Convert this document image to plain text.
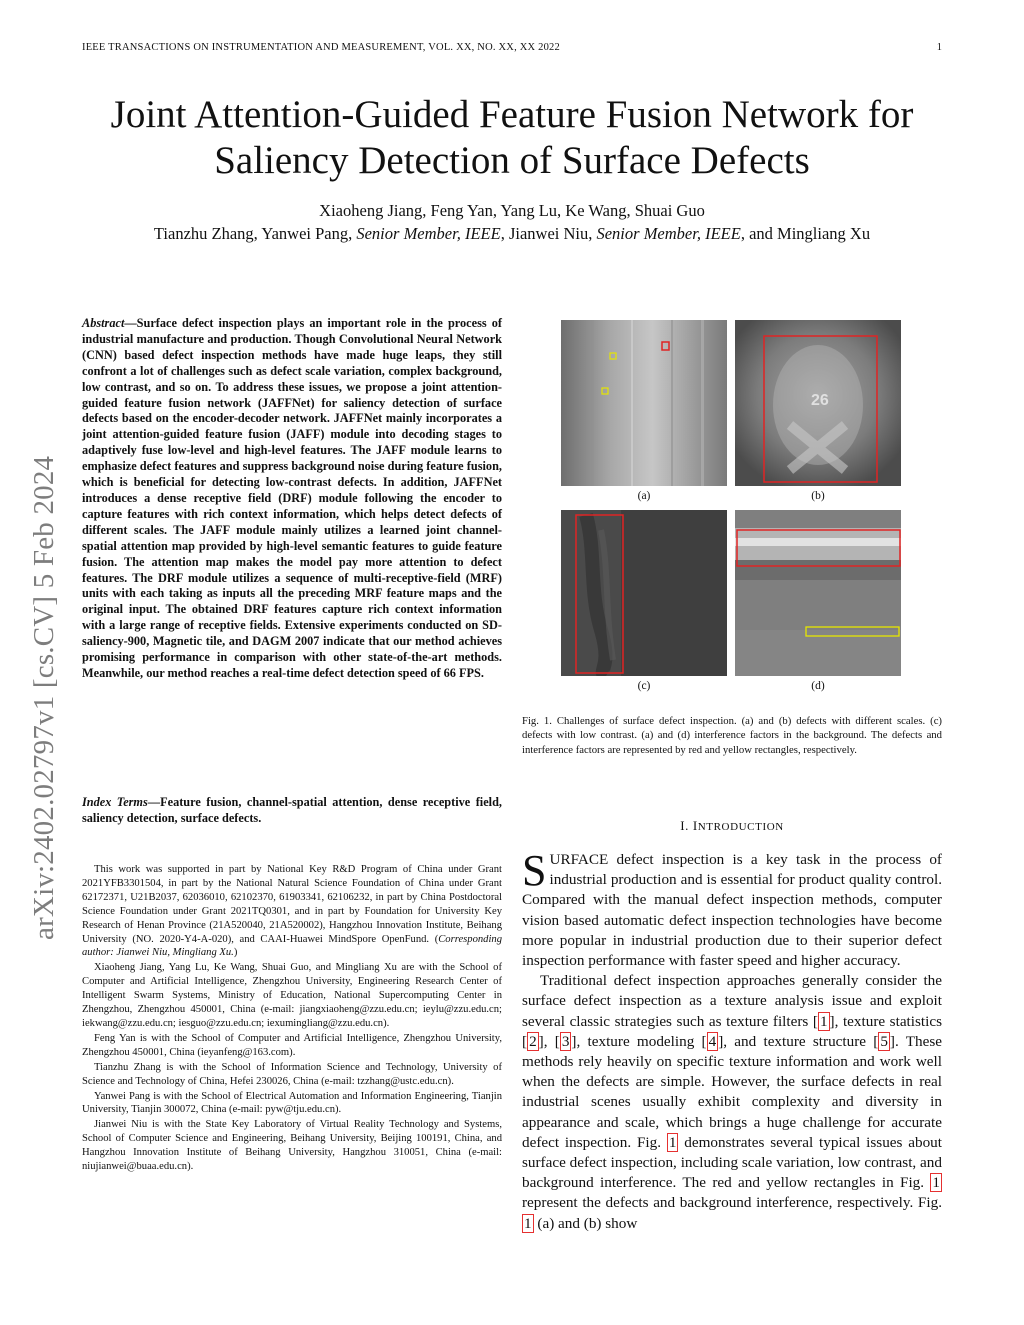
IEEE TRANSACTIONS ON INSTRUMENTATION AND MEASUREMENT, VOL. XX, NO. XX, XX 2022	1
Joint Attention-Guided Feature Fusion Network for
Saliency Detection of Surface Defects
Xiaoheng Jiang, Feng Yan, Yang Lu, Ke Wang, Shuai Guo
Tianzhu Zhang, Yanwei Pang, Senior Member, IEEE, Jianwei Niu, Senior Member, IEEE, and Mingliang Xu
arXiv:2402.02797v1 [cs.CV] 5 Feb 2024
Abstract—Surface defect inspection plays an important role in the process of industrial manufacture and production. Though Convolutional Neural Network (CNN) based defect inspection methods have made huge leaps, they still confront a lot of challenges such as defect scale variation, complex background, low contrast, and so on. To address these issues, we propose a joint attention-guided feature fusion network (JAFFNet) for saliency detection of surface defects based on the encoder-decoder network. JAFFNet mainly incorporates a joint attention-guided feature fusion (JAFF) module into decoding stages to adaptively fuse low-level and high-level features. The JAFF module learns to emphasize defect features and suppress background noise during feature fusion, which is beneficial for detecting low-contrast defects. In addition, JAFFNet introduces a dense receptive field (DRF) module following the encoder to capture features with rich context information, which helps detect defects of different scales. The JAFF module mainly utilizes a learned joint channel-spatial attention map provided by high-level semantic features to guide feature fusion. The attention map makes the model pay more attention to defect features. The DRF module utilizes a sequence of multi-receptive-field (MRF) units with each taking as inputs all the preceding MRF feature maps and the original input. The obtained DRF features capture rich context information with a large range of receptive fields. Extensive experiments conducted on SD-saliency-900, Magnetic tile, and DAGM 2007 indicate that our method achieves promising performance in comparison with other state-of-the-art methods. Meanwhile, our method reaches a real-time defect detection speed of 66 FPS.
Index Terms—Feature fusion, channel-spatial attention, dense receptive field, saliency detection, surface defects.

This work was supported in part by National Key R&D Program of China under Grant 2021YFB3301504, in part by the National Natural Science Foundation of China under Grant 62172371, U21B2037, 62036010, 62102370, 61903341, 62106232, in part by China Postdoctoral Science Foundation under Grant 2021TQ0301, and in part by Foundation for University Key Research of Henan Province (21A520040, 21A520002), Hangzhou Innovation Institute, Beihang University (NO. 2020-Y4-A-020), and CAAI-Huawei MindSpore OpenFund. (Corresponding author: Jianwei Niu, Mingliang Xu.)

Xiaoheng Jiang, Yang Lu, Ke Wang, Shuai Guo, and Mingliang Xu are with the School of Computer and Artificial Intelligence, Zhengzhou University, Engineering Research Center of Intelligent Swarm Systems, Ministry of Education, National Supercomputing Center in Zhengzhou, Zhengzhou 450001, China (e-mail: jiangxiaoheng@zzu.edu.cn; ieylu@zzu.edu.cn; iekwang@zzu.edu.cn; iesguo@zzu.edu.cn; iexumingliang@zzu.edu.cn).

Feng Yan is with the School of Computer and Artificial Intelligence, Zhengzhou University, Zhengzhou 450001, China (ieyanfeng@163.com).

Tianzhu Zhang is with the School of Information Science and Technology, University of Science and Technology of China, Hefei 230026, China (e-mail: tzzhang@ustc.edu.cn).

Yanwei Pang is with the School of Electrical Automation and Information Engineering, Tianjin University, Tianjin 300072, China (e-mail: pyw@tju.edu.cn).

Jianwei Niu is with the State Key Laboratory of Virtual Reality Technology and Systems, School of Computer Science and Engineering, Beihang University, Beijing 100191, China, and Hangzhou Innovation Institute of Beihang University, Hangzhou 310051, China (e-mail: niujianwei@buaa.edu.cn).

(a)
26
(b)
(c)	(d)
Fig. 1. Challenges of surface defect inspection. (a) and (b) defects with different scales. (c) defects with low contrast. (a) and (d) interference factors in the background. The defects and interference factors are represented by red and yellow rectangles, respectively.
I. INTRODUCTION

SURFACE defect inspection is a key task in the process of industrial production and is essential for product quality control. Compared with the manual defect inspection methods, computer vision based automatic defect inspection technologies have become more popular in industrial production due to their superior defect inspection performance with faster speed and higher accuracy.

Traditional defect inspection approaches generally consider the surface defect inspection as a texture analysis issue and exploit several classic strategies such as texture filters [ 1 ], texture statistics [ 2 ], [ 3 ], texture modeling [ 4 ], and texture structure [ 5 ]. These methods rely heavily on specific texture information and work well when the defects are simple. However, the surface defects in real industrial scenes usually exhibit complexity and diversity in appearance and scale, which brings a huge challenge for accurate defect inspection. Fig. 1 demonstrates several typical issues about surface defect inspection, including scale variation, low contrast, and background interference. The red and yellow rectangles in Fig. 1 represent the defects and background interference, respectively. Fig. 1 (a) and (b) show
